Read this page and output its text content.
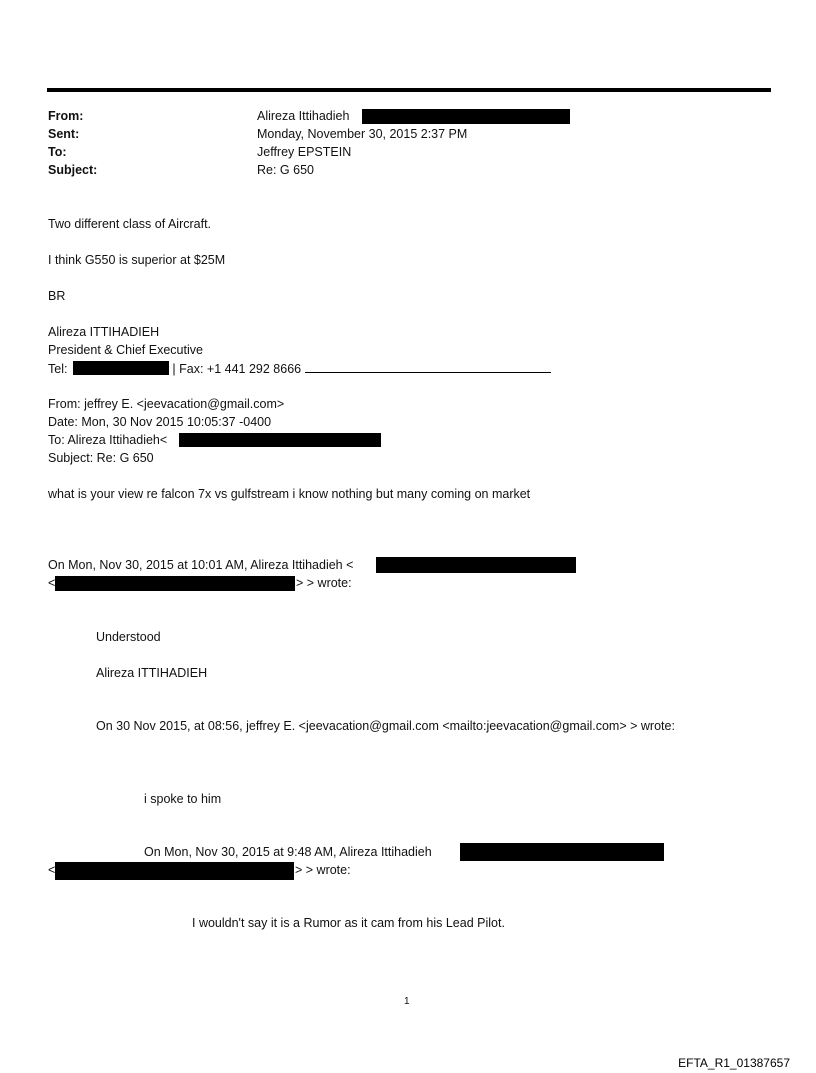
From:	Alireza Ittihadieh
Sent:	Monday, November 30, 2015 2:37 PM
To:	Jeffrey EPSTEIN
Subject:	Re: G 650
Two different class of Aircraft.
I think G550 is superior at $25M
BR
Alireza ITTIHADIEH
President & Chief Executive
Tel:	| Fax: +1 441 292 8666
From: jeffrey E. <jeevacation@gmail.com>
Date: Mon, 30 Nov 2015 10:05:37 -0400
To: Alireza Ittihadieh<
Subject: Re: G 650
what is your view re falcon 7x vs gulfstream i know nothing but many coming on market
On Mon, Nov 30, 2015 at 10:01 AM, Alireza Ittihadieh <
<	> > wrote:
Understood
Alireza ITTIHADIEH
On 30 Nov 2015, at 08:56, jeffrey E. <jeevacation@gmail.com <mailto:jeevacation@gmail.com> > wrote:
i spoke to him
On Mon, Nov 30, 2015 at 9:48 AM, Alireza Ittihadieh
<	> > wrote:
I wouldn't say it is a Rumor as it cam from his Lead Pilot.
1
EFTA_R1_01387657
